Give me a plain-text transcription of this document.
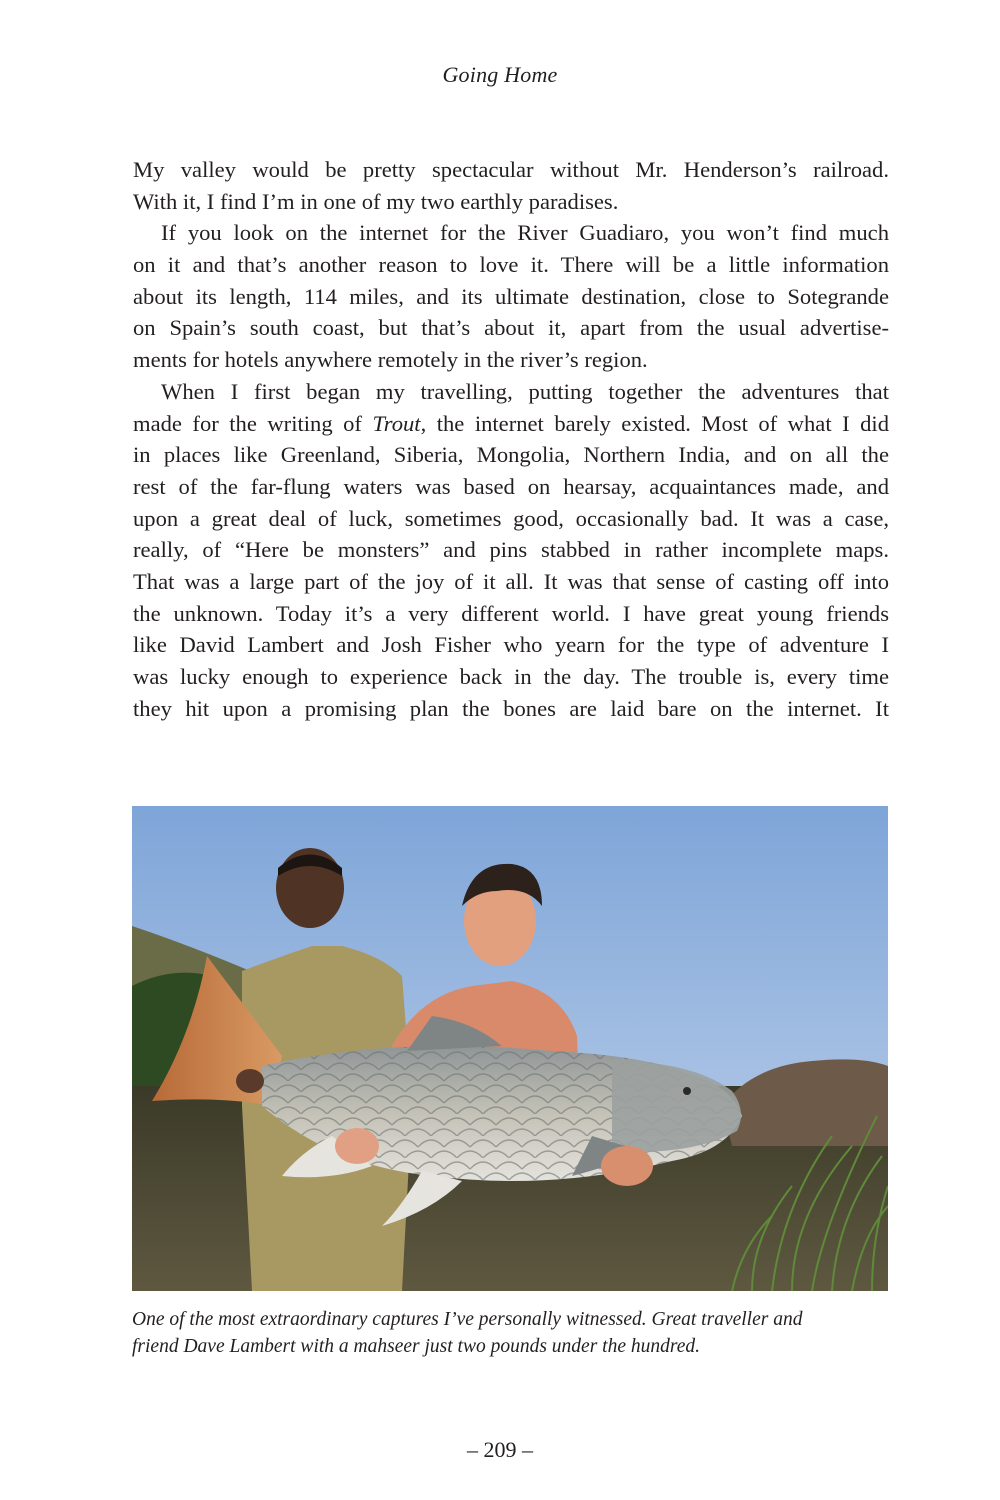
Going Home
My valley would be pretty spectacular without Mr. Henderson’s railroad.
With it, I find I’m in one of my two earthly paradises.
If you look on the internet for the River Guadiaro, you won’t find much
on it and that’s another reason to love it. There will be a little information
about its length, 114 miles, and its ultimate destination, close to Sotegrande
on Spain’s south coast, but that’s about it, apart from the usual advertise-
ments for hotels anywhere remotely in the river’s region.
When I first began my travelling, putting together the adventures that
made for the writing of Trout, the internet barely existed. Most of what I did
in places like Greenland, Siberia, Mongolia, Northern India, and on all the
rest of the far-flung waters was based on hearsay, acquaintances made, and
upon a great deal of luck, sometimes good, occasionally bad. It was a case,
really, of “Here be monsters” and pins stabbed in rather incomplete maps.
That was a large part of the joy of it all. It was that sense of casting off into
the unknown. Today it’s a very different world. I have great young friends
like David Lambert and Josh Fisher who yearn for the type of adventure I
was lucky enough to experience back in the day. The trouble is, every time
they hit upon a promising plan the bones are laid bare on the internet. It
One of the most extraordinary captures I’ve personally witnessed. Great traveller and
friend Dave Lambert with a mahseer just two pounds under the hundred.
– 209 –
